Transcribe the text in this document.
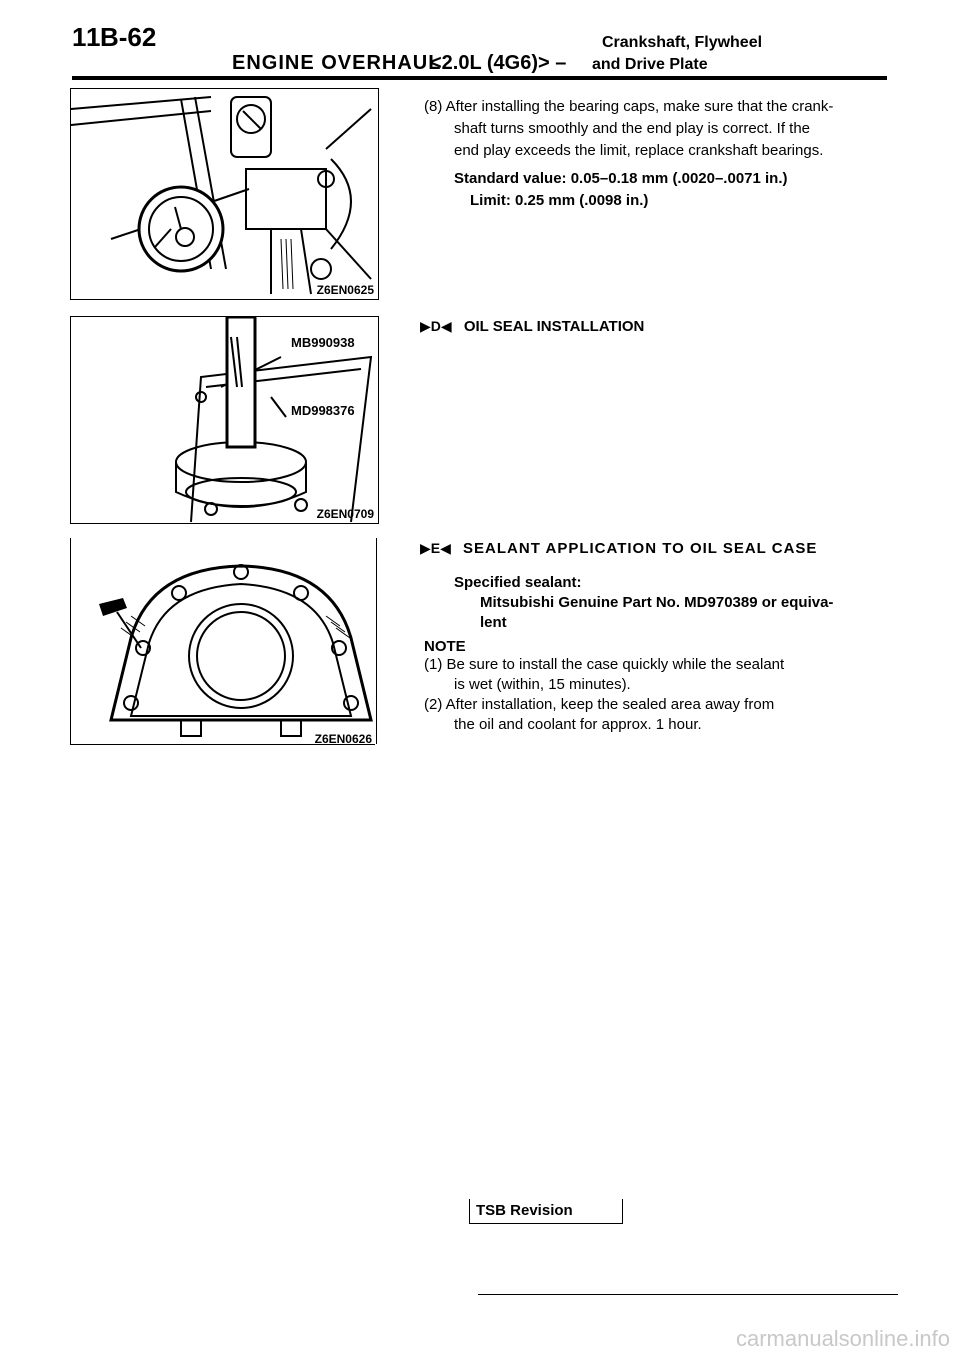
11
B-62
ENGINE OVERHAUL
<2.0L (4G6)> –
Crankshaft, Flywheel
and Drive Plate
Z6EN0625
MB990938
MD998376
Z6EN0709
Z6EN0626
(8) After installing the bearing caps, make sure that the crank-
shaft turns smoothly and the end play is correct. If the
end play exceeds the limit, replace crankshaft bearings.
Standard value: 0.05–0.18 mm (.0020–.0071 in.)
Limit: 0.25 mm (.0098 in.)
▶D◀ OIL SEAL INSTALLATION
▶E◀ SEALANT APPLICATION TO OIL SEAL CASE
Specified sealant:
Mitsubishi Genuine Part No. MD970389 or equiva-
lent
NOTE
(1) Be sure to install the case quickly while the sealant
is wet (within, 15 minutes).
(2) After installation, keep the sealed area away from
the oil and coolant for approx. 1 hour.
TSB Revision
carmanualsonline.info
